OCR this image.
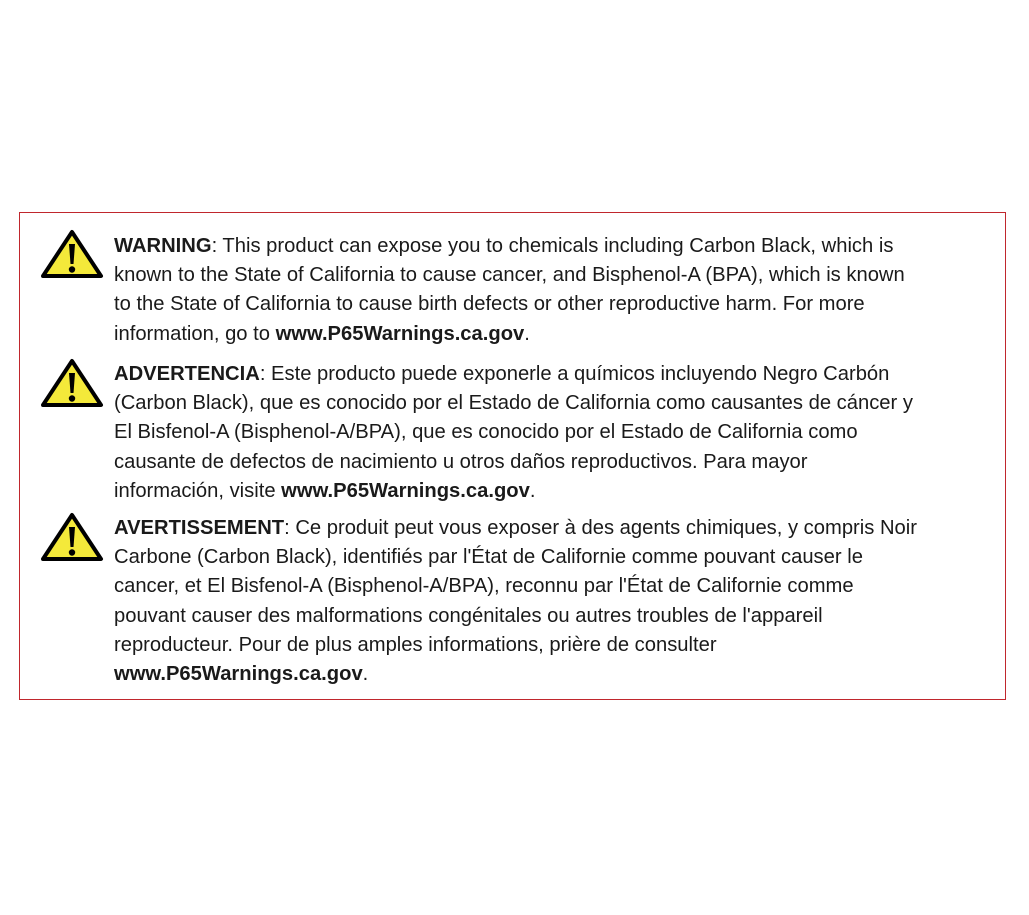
WARNING: This product can expose you to chemicals including Carbon Black, which is
known to the State of California to cause cancer, and Bisphenol-A (BPA), which is known
to the State of California to cause birth defects or other reproductive harm. For more
information, go to www.P65Warnings.ca.gov.

ADVERTENCIA: Este producto puede exponerle a químicos incluyendo Negro Carbón
(Carbon Black), que es conocido por el Estado de California como causantes de cáncer y
El Bisfenol-A (Bisphenol-A/BPA), que es conocido por el Estado de California como
causante de defectos de nacimiento u otros daños reproductivos. Para mayor
información, visite www.P65Warnings.ca.gov.

AVERTISSEMENT: Ce produit peut vous exposer à des agents chimiques, y compris Noir
Carbone (Carbon Black), identifiés par l'État de Californie comme pouvant causer le
cancer, et El Bisfenol-A (Bisphenol-A/BPA), reconnu par l'État de Californie comme
pouvant causer des malformations congénitales ou autres troubles de l'appareil
reproducteur. Pour de plus amples informations, prière de consulter
www.P65Warnings.ca.gov.
